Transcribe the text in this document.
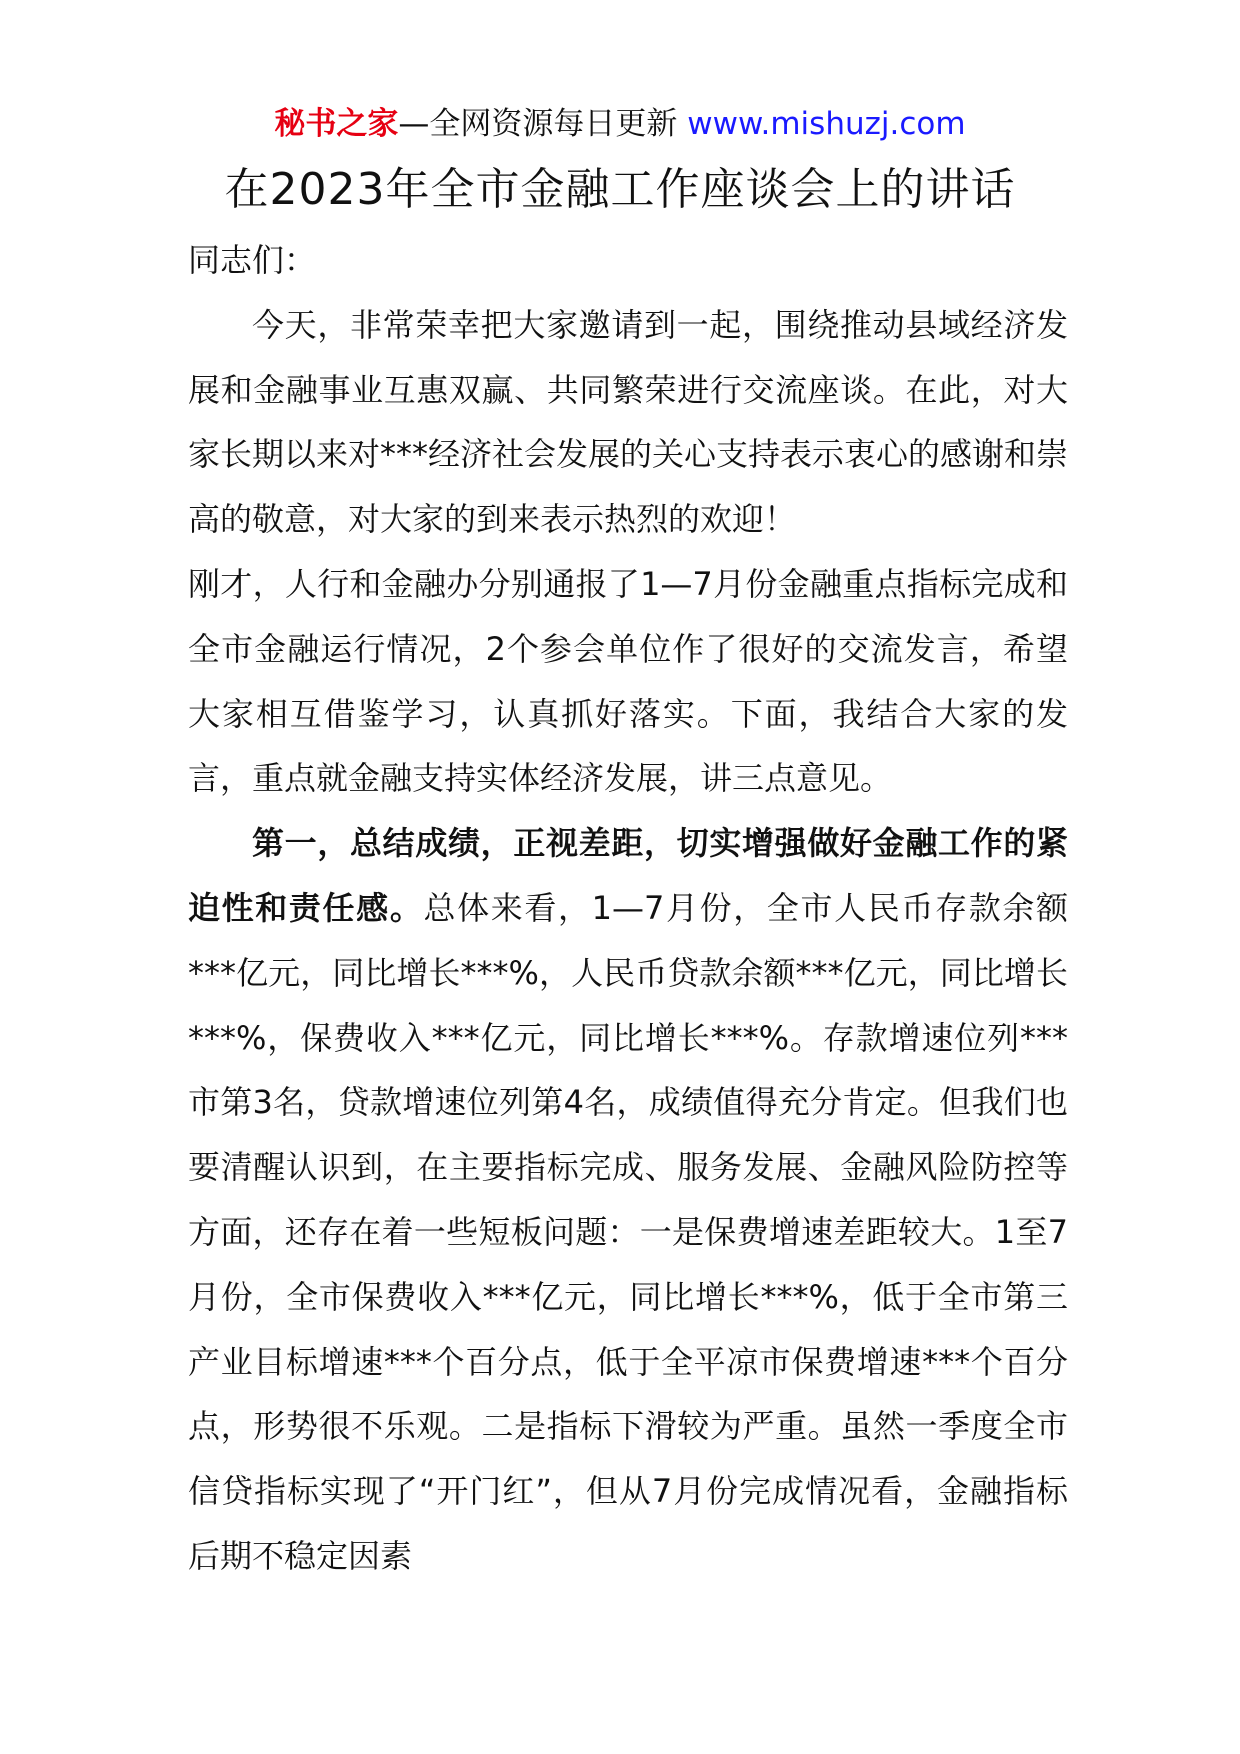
秘书之家—全网资源每日更新 www.mishuzj.com
在2023年全市金融工作座谈会上的讲话

同志们：

今天，非常荣幸把大家邀请到一起，围绕推动县域经济发展和金融事业互惠双赢、共同繁荣进行交流座谈。在此，对大家长期以来对***经济社会发展的关心支持表示衷心的感谢和崇高的敬意，对大家的到来表示热烈的欢迎！

刚才，人行和金融办分别通报了1—7月份金融重点指标完成和全市金融运行情况，2个参会单位作了很好的交流发言，希望大家相互借鉴学习，认真抓好落实。下面，我结合大家的发言，重点就金融支持实体经济发展，讲三点意见。

第一，总结成绩，正视差距，切实增强做好金融工作的紧迫性和责任感。总体来看，1—7月份，全市人民币存款余额***亿元，同比增长***%，人民币贷款余额***亿元，同比增长***%，保费收入***亿元，同比增长***%。存款增速位列***市第3名，贷款增速位列第4名，成绩值得充分肯定。但我们也要清醒认识到，在主要指标完成、服务发展、金融风险防控等方面，还存在着一些短板问题：一是保费增速差距较大。1至7月份，全市保费收入***亿元，同比增长***%，低于全市第三产业目标增速***个百分点，低于全平凉市保费增速***个百分点，形势很不乐观。二是指标下滑较为严重。虽然一季度全市信贷指标实现了“开门红”，但从7月份完成情况看，金融指标后期不稳定因素
